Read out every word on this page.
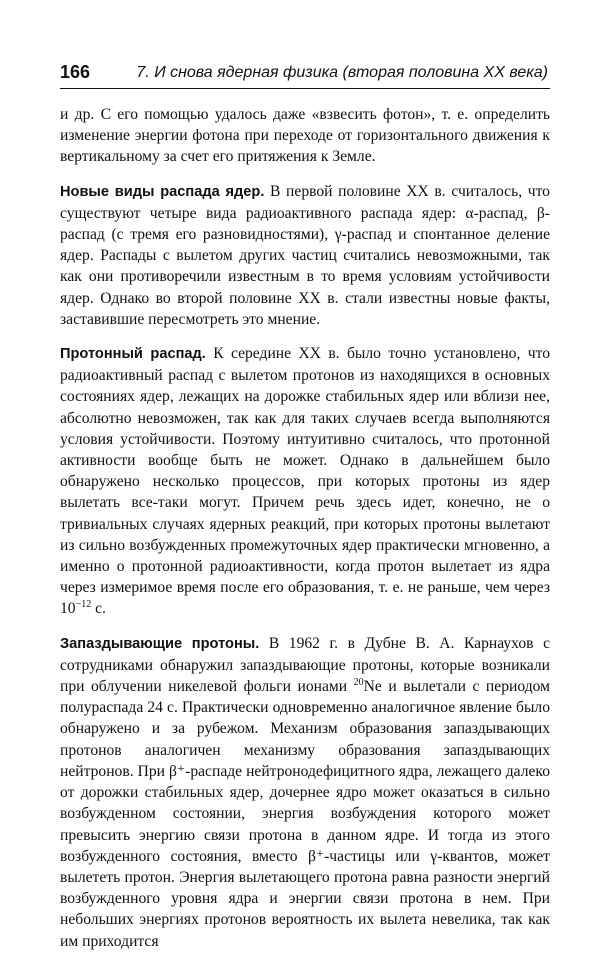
166	7. И снова ядерная физика (вторая половина XX века)

и др. С его помощью удалось даже «взвесить фотон», т. е. определить изменение энергии фотона при переходе от горизонтального движения к вертикальному за счет его притяжения к Земле.

Новые виды распада ядер. В первой половине XX в. считалось, что существуют четыре вида радиоактивного распада ядер: α-распад, β-распад (с тремя его разновидностями), γ-распад и спонтанное деление ядер. Распады с вылетом других частиц считались невозможными, так как они противоречили известным в то время условиям устойчивости ядер. Однако во второй половине XX в. стали известны новые факты, заставившие пересмотреть это мнение.

Протонный распад. К середине XX в. было точно установлено, что радиоактивный распад с вылетом протонов из находящихся в основных состояниях ядер, лежащих на дорожке стабильных ядер или вблизи нее, абсолютно невозможен, так как для таких случаев всегда выполняются условия устойчивости. Поэтому интуитивно считалось, что протонной активности вообще быть не может. Однако в дальнейшем было обнаружено несколько процессов, при которых протоны из ядер вылетать все-таки могут. Причем речь здесь идет, конечно, не о тривиальных случаях ядерных реакций, при которых протоны вылетают из сильно возбужденных промежуточных ядер практически мгновенно, а именно о протонной радиоактивности, когда протон вылетает из ядра через измеримое время после его образования, т. е. не раньше, чем через $10^{-12}$ с.

Запаздывающие протоны. В 1962 г. в Дубне В. А. Карнаухов с сотрудниками обнаружил запаздывающие протоны, которые возникали при облучении никелевой фольги ионами $^{20}$Ne и вылетали с периодом полураспада 24 с. Практически одновременно аналогичное явление было обнаружено и за рубежом. Механизм образования запаздывающих протонов аналогичен механизму образования запаздывающих нейтронов. При β⁺-распаде нейтронодефицитного ядра, лежащего далеко от дорожки стабильных ядер, дочернее ядро может оказаться в сильно возбужденном состоянии, энергия возбуждения которого может превысить энергию связи протона в данном ядре. И тогда из этого возбужденного состояния, вместо β⁺-частицы или γ-квантов, может вылететь протон. Энергия вылетающего протона равна разности энергий возбужденного уровня ядра и энергии связи протона в нем. При небольших энергиях протонов вероятность их вылета невелика, так как им приходится
